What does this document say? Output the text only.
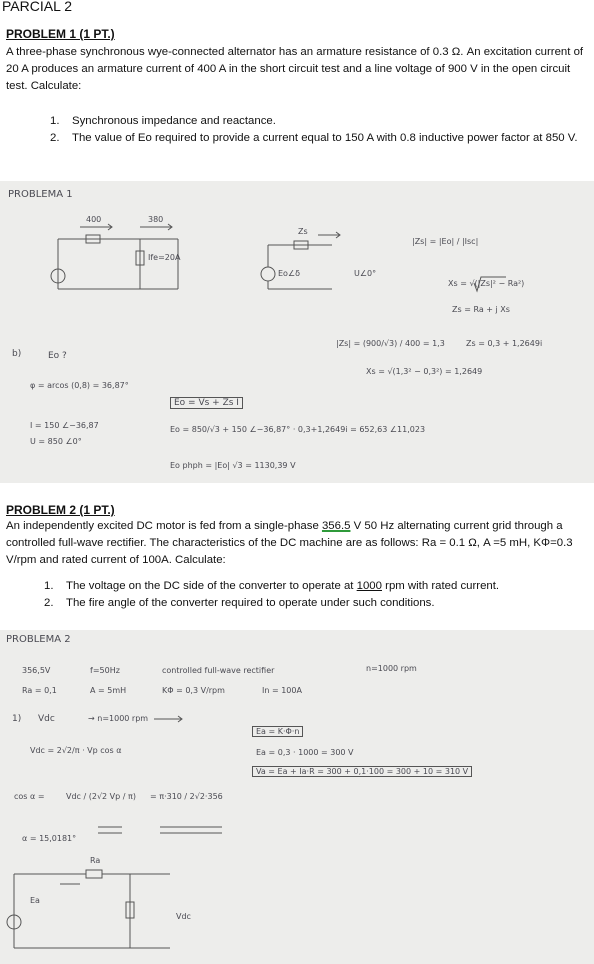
PARCIAL 2
PROBLEM 1 (1 PT.)
A three-phase synchronous wye-connected alternator has an armature resistance of 0.3 Ω. An excitation current of 20 A produces an armature current of 400 A in the short circuit test and a line voltage of 900 V in the open circuit test. Calculate:
1. Synchronous impedance and reactance.
2. The value of Eo required to provide a current equal to 150 A with 0.8 inductive power factor at 850 V.
PROBLEMA 1
400	380
Ife=20A
Zs
Eo∠δ	U∠0°
|Zs| = |Eo| / |Isc|
Xs = √(|Zs|² − Ra²)
Zs = Ra + j Xs
b)	Eo ?
|Zs| = (900/√3) / 400 = 1,3	Zs = 0,3 + 1,2649i
Xs = √(1,3² − 0,3²) = 1,2649
φ = arcos (0,8) = 36,87°
Eo = Vs + Zs I
I = 150 ∠−36,87
U = 850 ∠0°
Eo = 850/√3 + 150 ∠−36,87° · 0,3+1,2649i = 652,63 ∠11,023
Eo phph = |Eo| √3 = 1130,39 V
PROBLEM 2 (1 PT.)
An independently excited DC motor is fed from a single-phase 356.5 V 50 Hz alternating current grid through a controlled full-wave rectifier. The characteristics of the DC machine are as follows: Ra = 0.1 Ω, A =5 mH, KΦ=0.3 V/rpm and rated current of 100A. Calculate:
1. The voltage on the DC side of the converter to operate at 1000 rpm with rated current.
2. The fire angle of the converter required to operate under such conditions.
PROBLEMA 2
356,5V	f=50Hz	controlled full-wave rectifier	n=1000 rpm
Ra = 0,1	A = 5mH	KΦ = 0,3 V/rpm	In = 100A
1) Vdc	→ n=1000 rpm
Ea = K·Φ·n
Vdc = 2√2/π · Vp cos α	Ea = 0,3 · 1000 = 300 V
Va = Ea + Ia·R = 300 + 0,1·100 = 300 + 10 = 310 V
cos α =	Vdc / (2√2 Vp / π) = π·310 / 2√2·356
α = 15,0181°
Ra
Ea
Vdc
